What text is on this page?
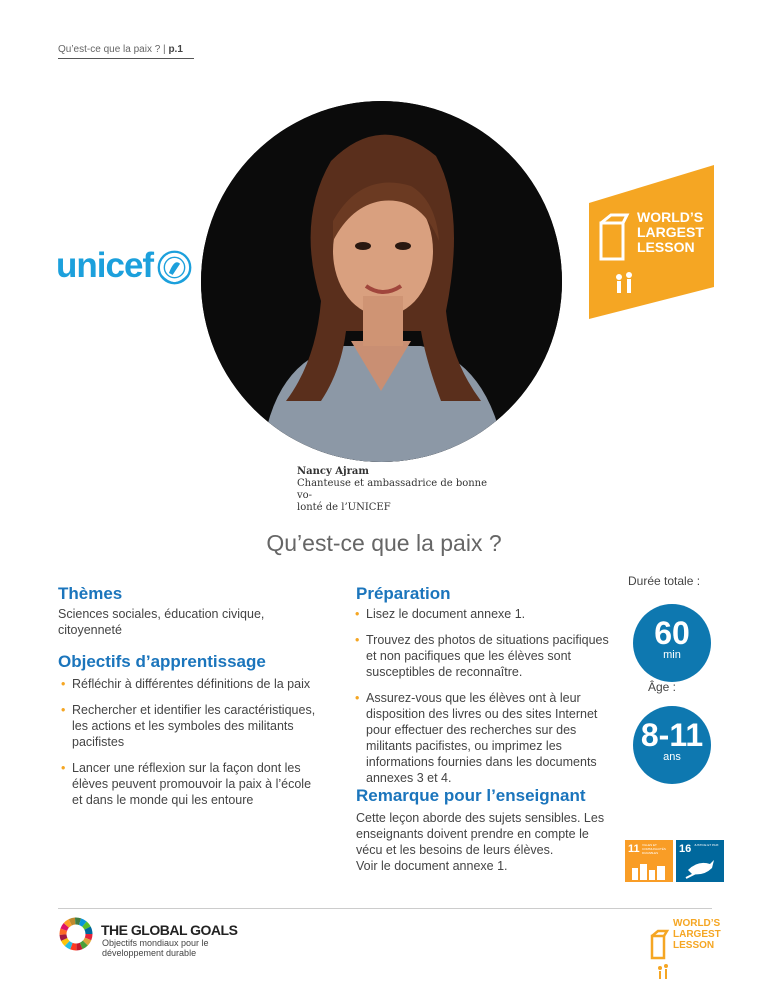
Qu’est-ce que la paix ? | p.1
unicef
WORLD’S
LARGEST
LESSON
Nancy Ajram
Chanteuse et ambassadrice de bonne vo-
lonté de l’UNICEF
Qu’est-ce que la paix ?
Thèmes
Sciences sociales, éducation civique, citoyenneté
Objectifs d’apprentissage
• Réfléchir à différentes définitions de la paix
• Rechercher et identifier les caractéristiques, les actions et les symboles des militants pacifistes
• Lancer une réflexion sur la façon dont les élèves peuvent promouvoir la paix à l’école et dans le monde qui les entoure
Préparation
• Lisez le document annexe 1.
• Trouvez des photos de situations pacifiques et non pacifiques que les élèves sont susceptibles de reconnaître.
• Assurez-vous que les élèves ont à leur disposition des livres ou des sites Internet pour effectuer des recherches sur des militants pacifistes, ou imprimez les informations fournies dans les documents annexes 3 et 4.
Remarque pour l’enseignant
Cette leçon aborde des sujets sensibles. Les enseignants doivent prendre en compte le vécu et les besoins de leurs élèves.
Voir le document annexe 1.
Durée totale :
60
min
Âge :
8-11
ans
11 VILLES ET COMMUNAUTÉS DURABLES	16 JUSTICE ET PAIX
THE GLOBAL GOALS
Objectifs mondiaux pour le
développement durable
WORLD’S
LARGEST
LESSON
